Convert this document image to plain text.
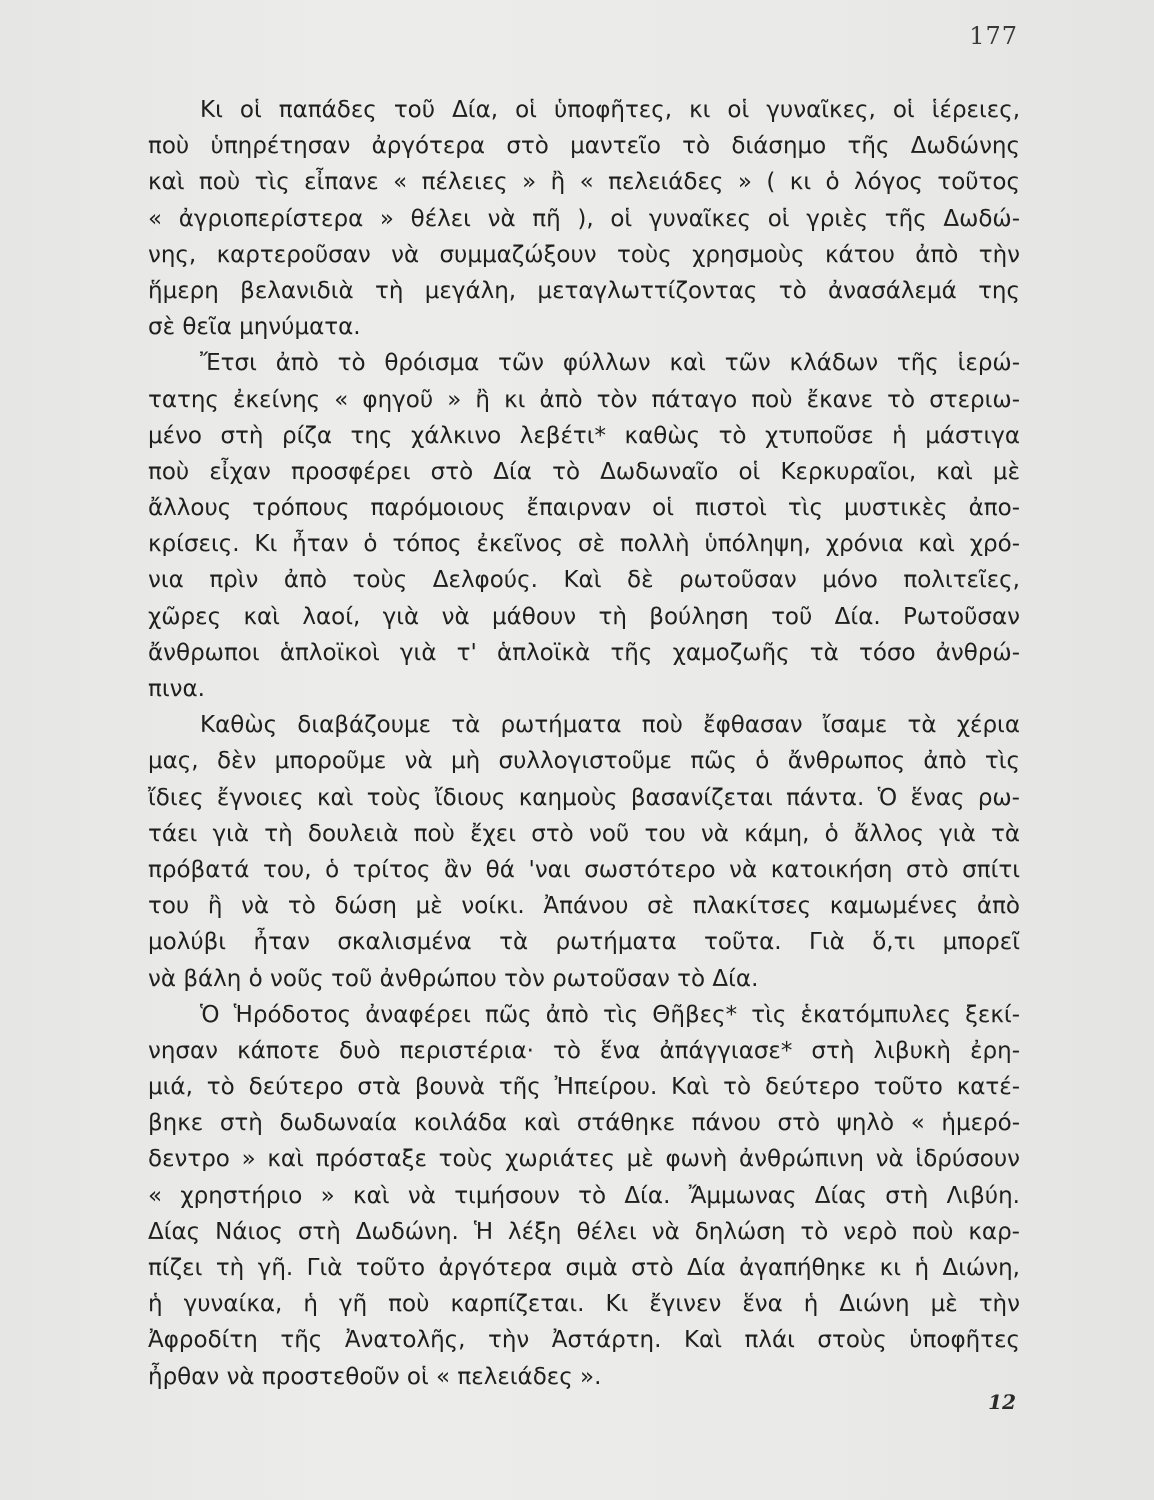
177
Κι οἱ παπάδες τοῦ Δία, οἱ ὑποφῆτες, κι οἱ γυναῖκες, οἱ ἱέρειες,
ποὺ ὑπηρέτησαν ἀργότερα στὸ μαντεῖο τὸ διάσημο τῆς Δωδώνης
καὶ ποὺ τὶς εἶπανε « πέλειες » ἢ « πελειάδες » ( κι ὁ λόγος τοῦτος
« ἀγριοπερίστερα » θέλει νὰ πῆ ), οἱ γυναῖκες οἱ γριὲς τῆς Δωδώ-
νης, καρτεροῦσαν νὰ συμμαζώξουν τοὺς χρησμοὺς κάτου ἀπὸ τὴν
ἥμερη βελανιδιὰ τὴ μεγάλη, μεταγλωττίζοντας τὸ ἀνασάλεμά της
σὲ θεῖα μηνύματα.
Ἔτσι ἀπὸ τὸ θρόισμα τῶν φύλλων καὶ τῶν κλάδων τῆς ἱερώ-
τατης ἐκείνης « φηγοῦ » ἢ κι ἀπὸ τὸν πάταγο ποὺ ἔκανε τὸ στεριω-
μένο στὴ ρίζα της χάλκινο λεβέτι* καθὼς τὸ χτυποῦσε ἡ μάστιγα
ποὺ εἶχαν προσφέρει στὸ Δία τὸ Δωδωναῖο οἱ Κερκυραῖοι, καὶ μὲ
ἄλλους τρόπους παρόμοιους ἔπαιρναν οἱ πιστοὶ τὶς μυστικὲς ἀπο-
κρίσεις. Κι ἦταν ὁ τόπος ἐκεῖνος σὲ πολλὴ ὑπόληψη, χρόνια καὶ χρό-
νια πρὶν ἀπὸ τοὺς Δελφούς. Καὶ δὲ ρωτοῦσαν μόνο πολιτεῖες,
χῶρες καὶ λαοί, γιὰ νὰ μάθουν τὴ βούληση τοῦ Δία. Ρωτοῦσαν
ἄνθρωποι ἁπλοϊκοὶ γιὰ τ' ἁπλοϊκὰ τῆς χαμοζωῆς τὰ τόσο ἀνθρώ-
πινα.
Καθὼς διαβάζουμε τὰ ρωτήματα ποὺ ἔφθασαν ἴσαμε τὰ χέρια
μας, δὲν μποροῦμε νὰ μὴ συλλογιστοῦμε πῶς ὁ ἄνθρωπος ἀπὸ τὶς
ἴδιες ἔγνοιες καὶ τοὺς ἴδιους καημοὺς βασανίζεται πάντα. Ὁ ἕνας ρω-
τάει γιὰ τὴ δουλειὰ ποὺ ἔχει στὸ νοῦ του νὰ κάμη, ὁ ἄλλος γιὰ τὰ
πρόβατά του, ὁ τρίτος ἂν θά 'ναι σωστότερο νὰ κατοικήση στὸ σπίτι
του ἢ νὰ τὸ δώση μὲ νοίκι. Ἀπάνου σὲ πλακίτσες καμωμένες ἀπὸ
μολύβι ἦταν σκαλισμένα τὰ ρωτήματα τοῦτα. Γιὰ ὅ,τι μπορεῖ
νὰ βάλη ὁ νοῦς τοῦ ἀνθρώπου τὸν ρωτοῦσαν τὸ Δία.
Ὁ Ἡρόδοτος ἀναφέρει πῶς ἀπὸ τὶς Θῆβες* τὶς ἑκατόμπυλες ξεκί-
νησαν κάποτε δυὸ περιστέρια· τὸ ἕνα ἀπάγγιασε* στὴ λιβυκὴ ἐρη-
μιά, τὸ δεύτερο στὰ βουνὰ τῆς Ἠπείρου. Καὶ τὸ δεύτερο τοῦτο κατέ-
βηκε στὴ δωδωναία κοιλάδα καὶ στάθηκε πάνου στὸ ψηλὸ « ἡμερό-
δεντρο » καὶ πρόσταξε τοὺς χωριάτες μὲ φωνὴ ἀνθρώπινη νὰ ἱδρύσουν
« χρηστήριο » καὶ νὰ τιμήσουν τὸ Δία. Ἄμμωνας Δίας στὴ Λιβύη.
Δίας Νάιος στὴ Δωδώνη. Ἡ λέξη θέλει νὰ δηλώση τὸ νερὸ ποὺ καρ-
πίζει τὴ γῆ. Γιὰ τοῦτο ἀργότερα σιμὰ στὸ Δία ἀγαπήθηκε κι ἡ Διώνη,
ἡ γυναίκα, ἡ γῆ ποὺ καρπίζεται. Κι ἔγινεν ἕνα ἡ Διώνη μὲ τὴν
Ἀφροδίτη τῆς Ἀνατολῆς, τὴν Ἀστάρτη. Καὶ πλάι στοὺς ὑποφῆτες
ἦρθαν νὰ προστεθοῦν οἱ « πελειάδες ».
12
